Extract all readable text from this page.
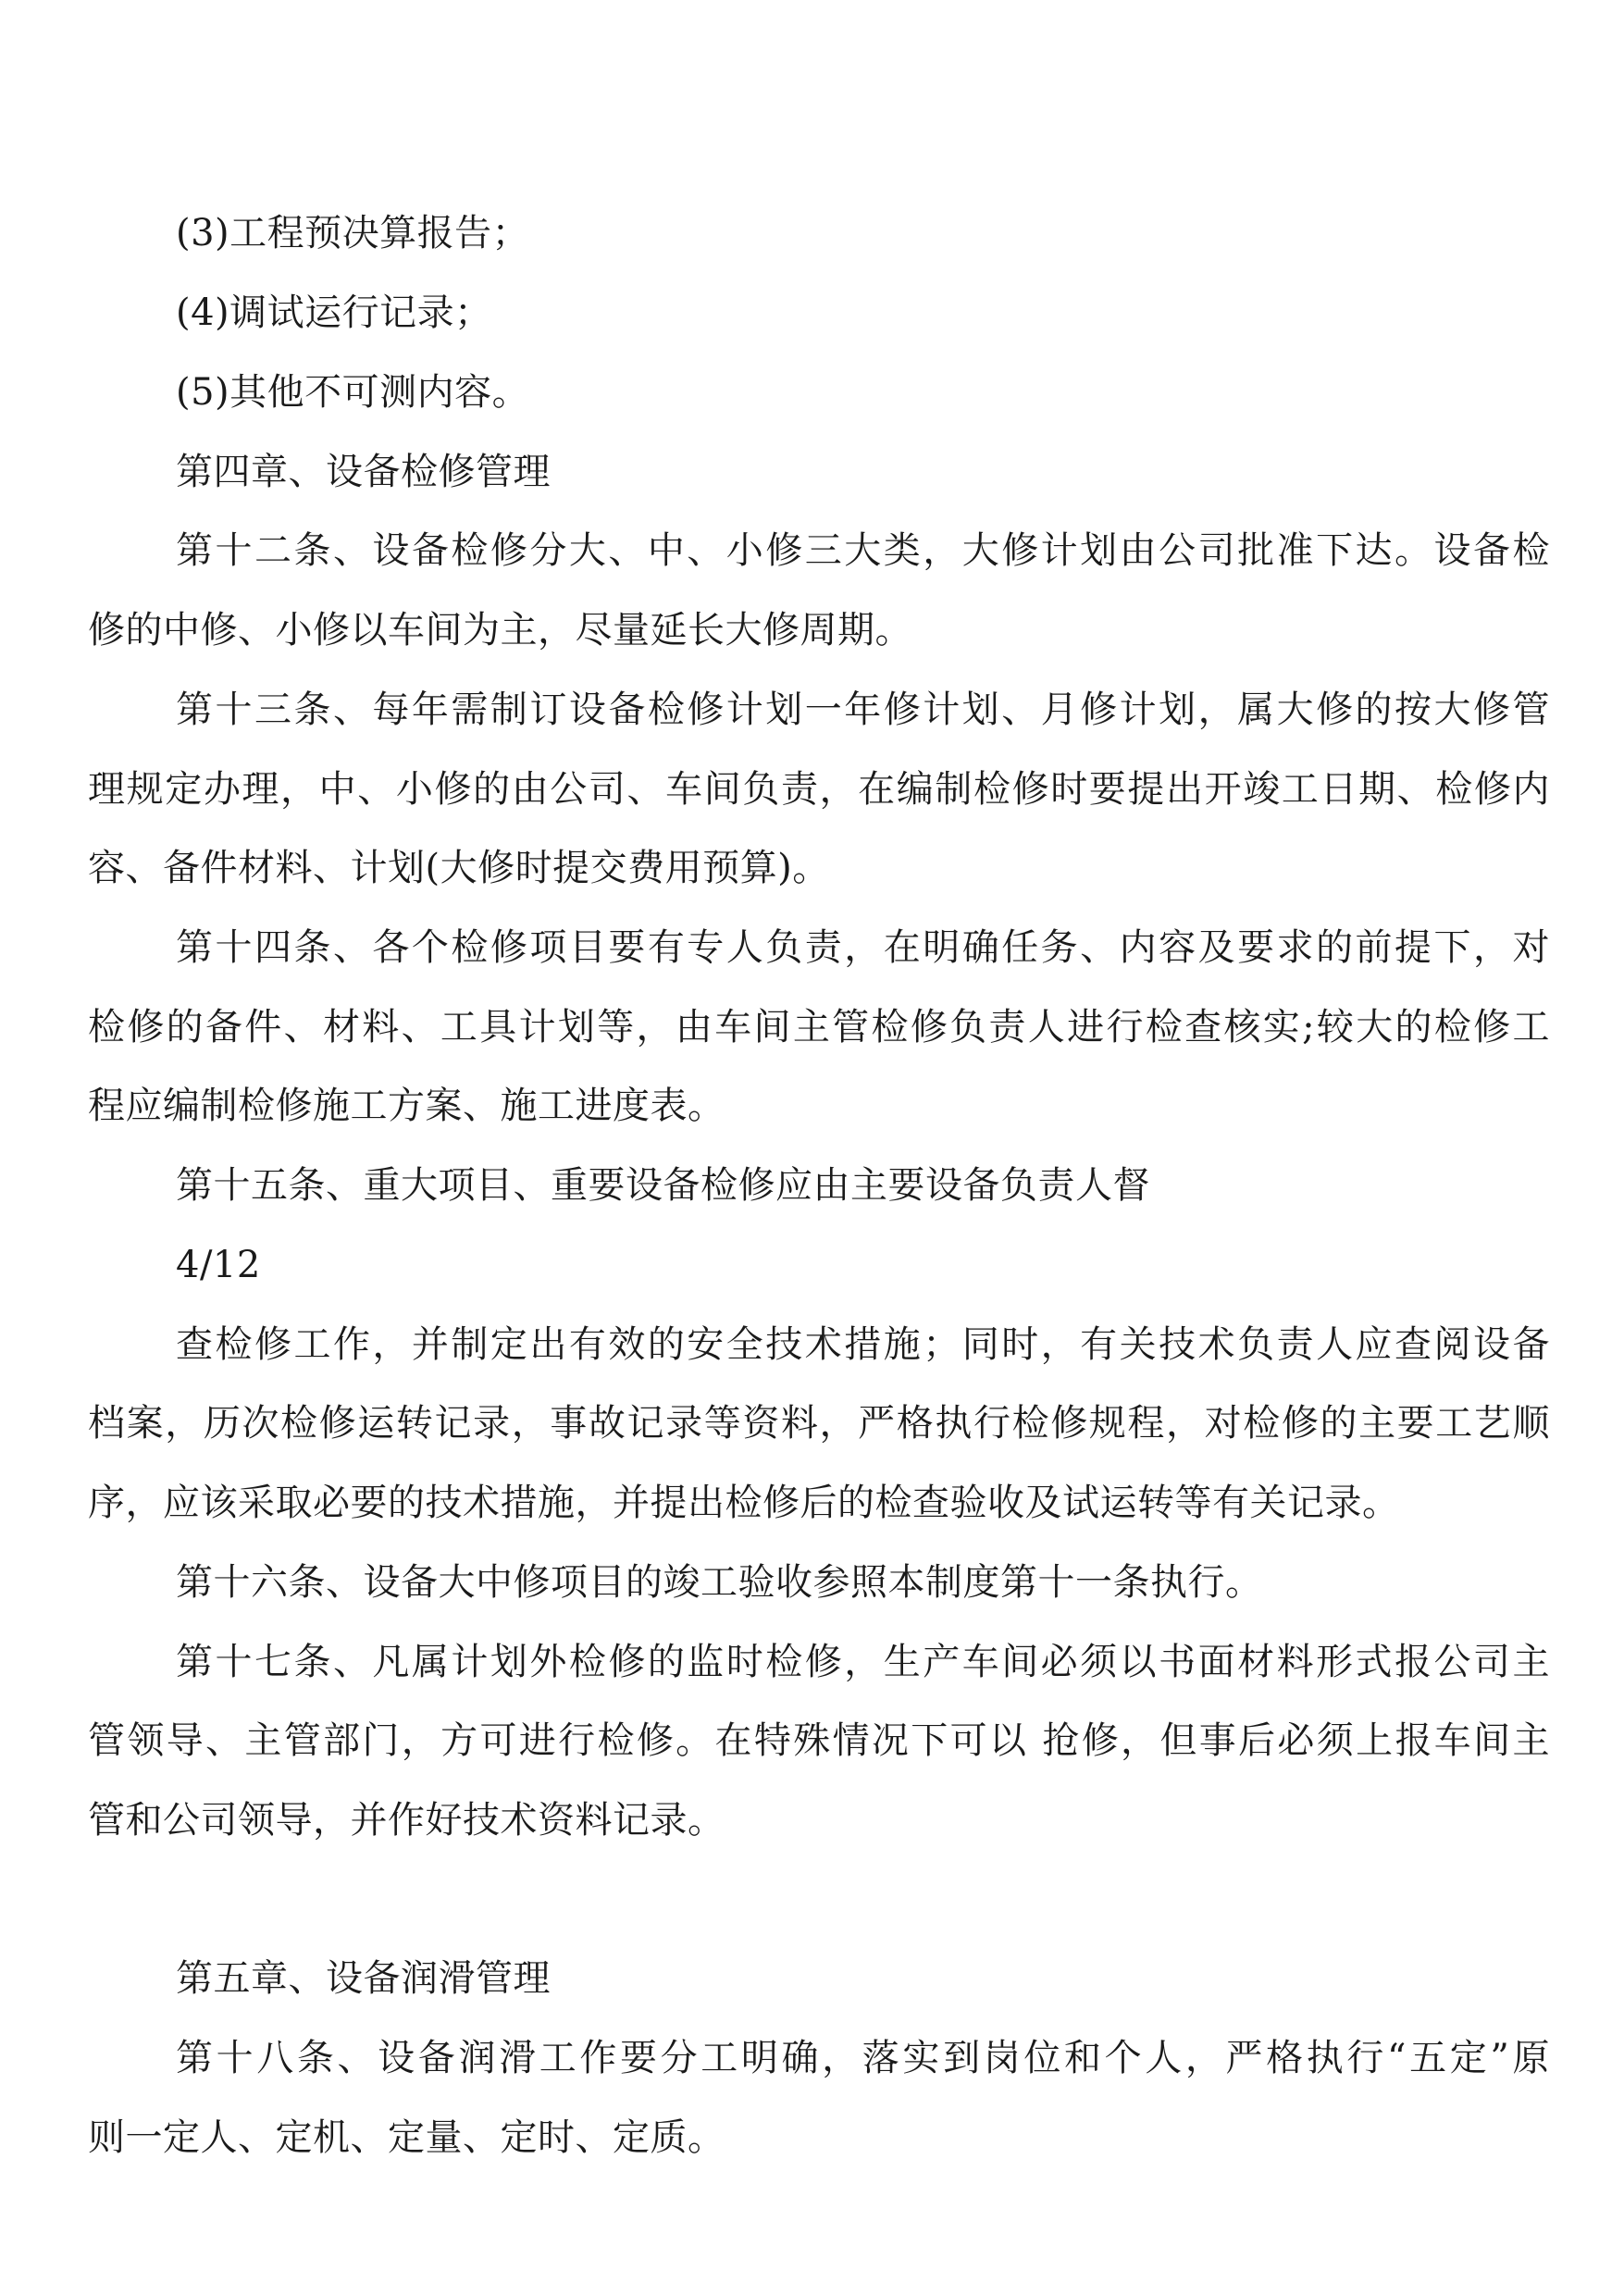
(3)工程预决算报告；
(4)调试运行记录；
(5)其他不可测内容。
第四章、设备检修管理
第十二条、设备检修分大、中、小修三大类，大修计划由公司批准下达。设备检
修的中修、小修以车间为主，尽量延长大修周期。
第十三条、每年需制订设备检修计划一年修计划、月修计划，属大修的按大修管
理规定办理，中、小修的由公司、车间负责，在编制检修时要提出开竣工日期、检修内
容、备件材料、计划(大修时提交费用预算)。
第十四条、各个检修项目要有专人负责，在明确任务、内容及要求的前提下，对
检修的备件、材料、工具计划等，由车间主管检修负责人进行检查核实;较大的检修工
程应编制检修施工方案、施工进度表。
第十五条、重大项目、重要设备检修应由主要设备负责人督
4/12
查检修工作，并制定出有效的安全技术措施；同时，有关技术负责人应查阅设备
档案，历次检修运转记录，事故记录等资料，严格执行检修规程，对检修的主要工艺顺
序，应该采取必要的技术措施，并提出检修后的检查验收及试运转等有关记录。
第十六条、设备大中修项目的竣工验收参照本制度第十一条执行。
第十七条、凡属计划外检修的监时检修，生产车间必须以书面材料形式报公司主
管领导、主管部门，方可进行检修。在特殊情况下可以 抢修，但事后必须上报车间主
管和公司领导，并作好技术资料记录。
第五章、设备润滑管理
第十八条、设备润滑工作要分工明确，落实到岗位和个人，严格执行“五定”原
则一定人、定机、定量、定时、定质。
